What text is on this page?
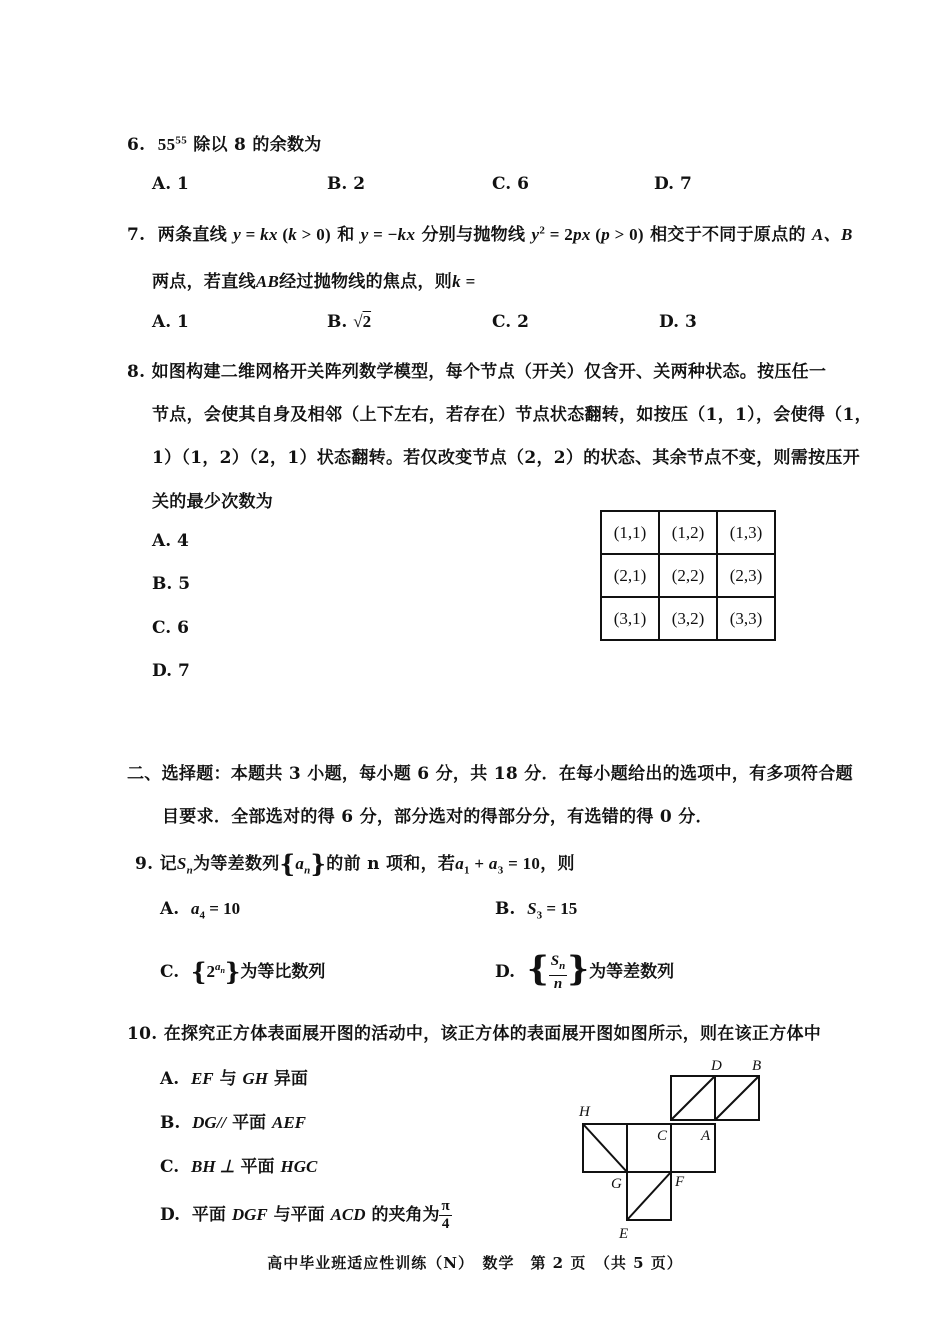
6. $55^{55}$ 除以 8 的余数为
A. 1	B. 2	C. 6	D. 7
7. 两条直线 y = kx (k > 0) 和 y = −kx 分别与抛物线 $y^2 = 2px$ (p > 0) 相交于不同于原点的 A、B
两点，若直线AB经过抛物线的焦点，则k =
A. 1	B. √2	C. 2	D. 3
8. 如图构建二维网格开关阵列数学模型，每个节点（开关）仅含开、关两种状态。按压任一
节点，会使其自身及相邻（上下左右，若存在）节点状态翻转，如按压（1，1），会使得（1，
1）（1，2）（2，1）状态翻转。若仅改变节点（2，2）的状态、其余节点不变，则需按压开
关的最少次数为
A. 4
B. 5
C. 6
D. 7
(1,1)	(1,2)	(1,3)
(2,1)	(2,2)	(2,3)
(3,1)	(3,2)	(3,3)
二、选择题：本题共 3 小题，每小题 6 分，共 18 分．在每小题给出的选项中，有多项符合题
目要求．全部选对的得 6 分，部分选对的得部分分，有选错的得 0 分．
9. 记$S_n$为等差数列$\{a_n\}$的前 n 项和，若$a_1 + a_3 = 10$，则
A. $a_4 = 10$	B. $S_3 = 15$
C. $\{2^{a_n}\}$为等比数列	D. { $\frac{S_n}{n}$ }为等差数列
10. 在探究正方体表面展开图的活动中，该正方体的表面展开图如图所示，则在该正方体中
A. EF 与 GH 异面
B. DG// 平面 AEF
C. BH ⊥ 平面 HGC
D. 平面 DGF 与平面 ACD 的夹角为 $\frac{\pi}{4}$
D B
H
C A
G	F
E
高中毕业班适应性训练（N）　数学　第 2 页　（共 5 页）
